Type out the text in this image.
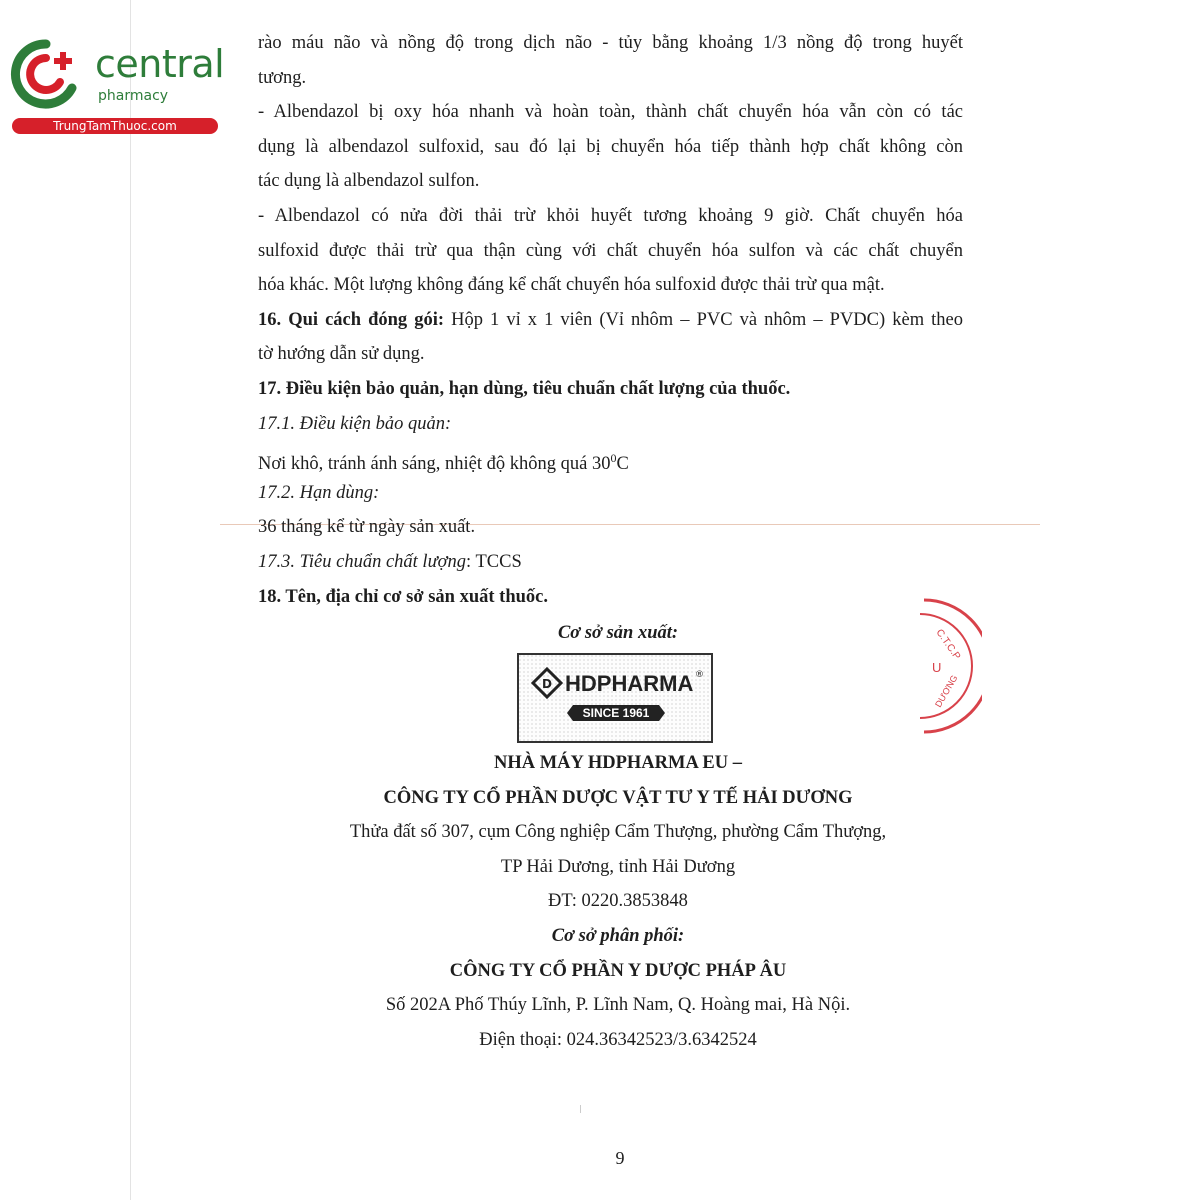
central
pharmacy
TrungTamThuoc.com
rào máu não và nồng độ trong dịch não - tủy bằng khoảng 1/3 nồng độ trong huyết
tương.
- Albendazol bị oxy hóa nhanh và hoàn toàn, thành chất chuyển hóa vẫn còn có tác
dụng là albendazol sulfoxid, sau đó lại bị chuyển hóa tiếp thành hợp chất không còn
tác dụng là albendazol sulfon.
- Albendazol có nửa đời thải trừ khỏi huyết tương khoảng 9 giờ. Chất chuyển hóa
sulfoxid được thải trừ qua thận cùng với chất chuyển hóa sulfon và các chất chuyển
hóa khác. Một lượng không đáng kể chất chuyển hóa sulfoxid được thải trừ qua mật.
16. Qui cách đóng gói: Hộp 1 vỉ x 1 viên (Vỉ nhôm – PVC và nhôm – PVDC) kèm theo
tờ hướng dẫn sử dụng.
17. Điều kiện bảo quản, hạn dùng, tiêu chuẩn chất lượng của thuốc.
17.1. Điều kiện bảo quản:
Nơi khô, tránh ánh sáng, nhiệt độ không quá $30^0C$
17.2. Hạn dùng:
36 tháng kể từ ngày sản xuất.
17.3. Tiêu chuẩn chất lượng: TCCS
18. Tên, địa chỉ cơ sở sản xuất thuốc.
Cơ sở sản xuất:
D HDPHARMA ®
SINCE 1961
NHÀ MÁY HDPHARMA EU –
CÔNG TY CỔ PHẦN DƯỢC VẬT TƯ Y TẾ HẢI DƯƠNG
Thửa đất số 307, cụm Công nghiệp Cẩm Thượng, phường Cẩm Thượng,
TP Hải Dương, tỉnh Hải Dương
ĐT: 0220.3853848
Cơ sở phân phối:
CÔNG TY CỔ PHẦN Y DƯỢC PHÁP ÂU
Số 202A Phố Thúy Lĩnh, P. Lĩnh Nam, Q. Hoàng mai, Hà Nội.
Điện thoại: 024.36342523/3.6342524
C.T.C.P
U
DƯƠNG
9
